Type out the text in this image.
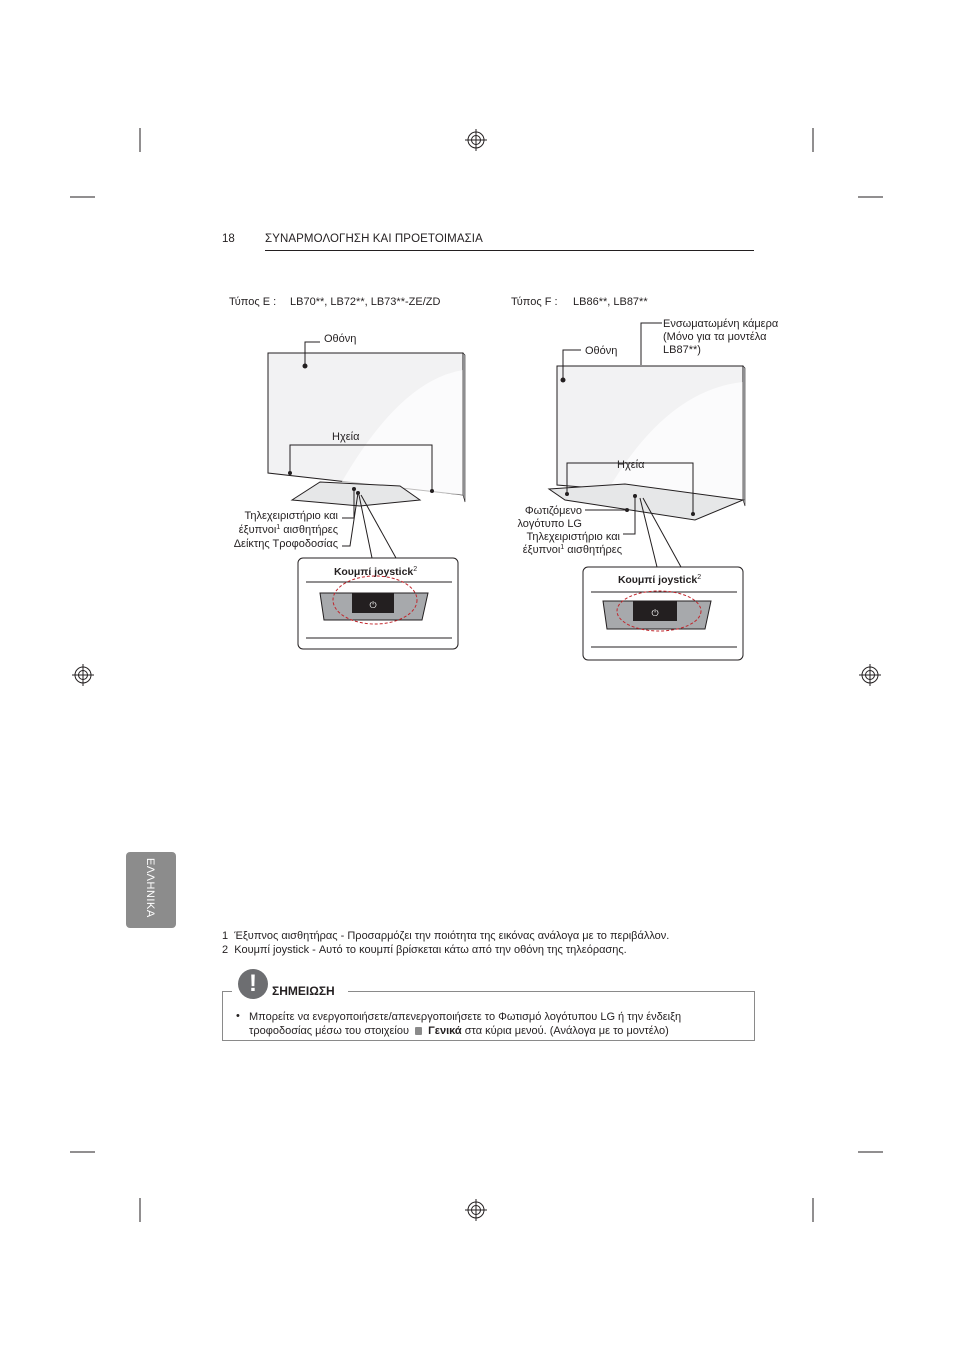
18	ΣΥΝΑΡΜΟΛΟΓΗΣΗ ΚΑΙ ΠΡΟΕΤΟΙΜΑΣΙΑ
Τύπος E : LB70**, LB72**, LB73**-ZE/ZD
Ηχεία
Οθόνη
Τηλεχειριστήριο και
έξυπνοι$^1$ αισθητήρες
Δείκτης Τροφοδοσίας
Κουμπί joystick$^2$
⏻
Τύπος F : LB86**, LB87**
Ενσωματωμένη κάμερα
(Μόνο για τα μοντέλα
LB87**)
Ηχεία
Οθόνη
Φωτιζόμενο
λογότυπο LG
Τηλεχειριστήριο και
έξυπνοι$^1$ αισθητήρες
Κουμπί joystick$^2$
⏻
ΕΛΛΗΝΙΚΑ
1 Έξυπνος αισθητήρας - Προσαρμόζει την ποιότητα της εικόνας ανάλογα με το περιβάλλον.
2 Κουμπί joystick - Αυτό το κουμπί βρίσκεται κάτω από την οθόνη της τηλεόρασης.
!	ΣΗΜΕΙΩΣΗ
• Μπορείτε να ενεργοποιήσετε/απενεργοποιήσετε το Φωτισμό λογότυπου LG ή την ένδειξη τροφοδοσίας μέσω του στοιχείου Γενικά στα κύρια μενού. (Ανάλογα με το μοντέλο)
